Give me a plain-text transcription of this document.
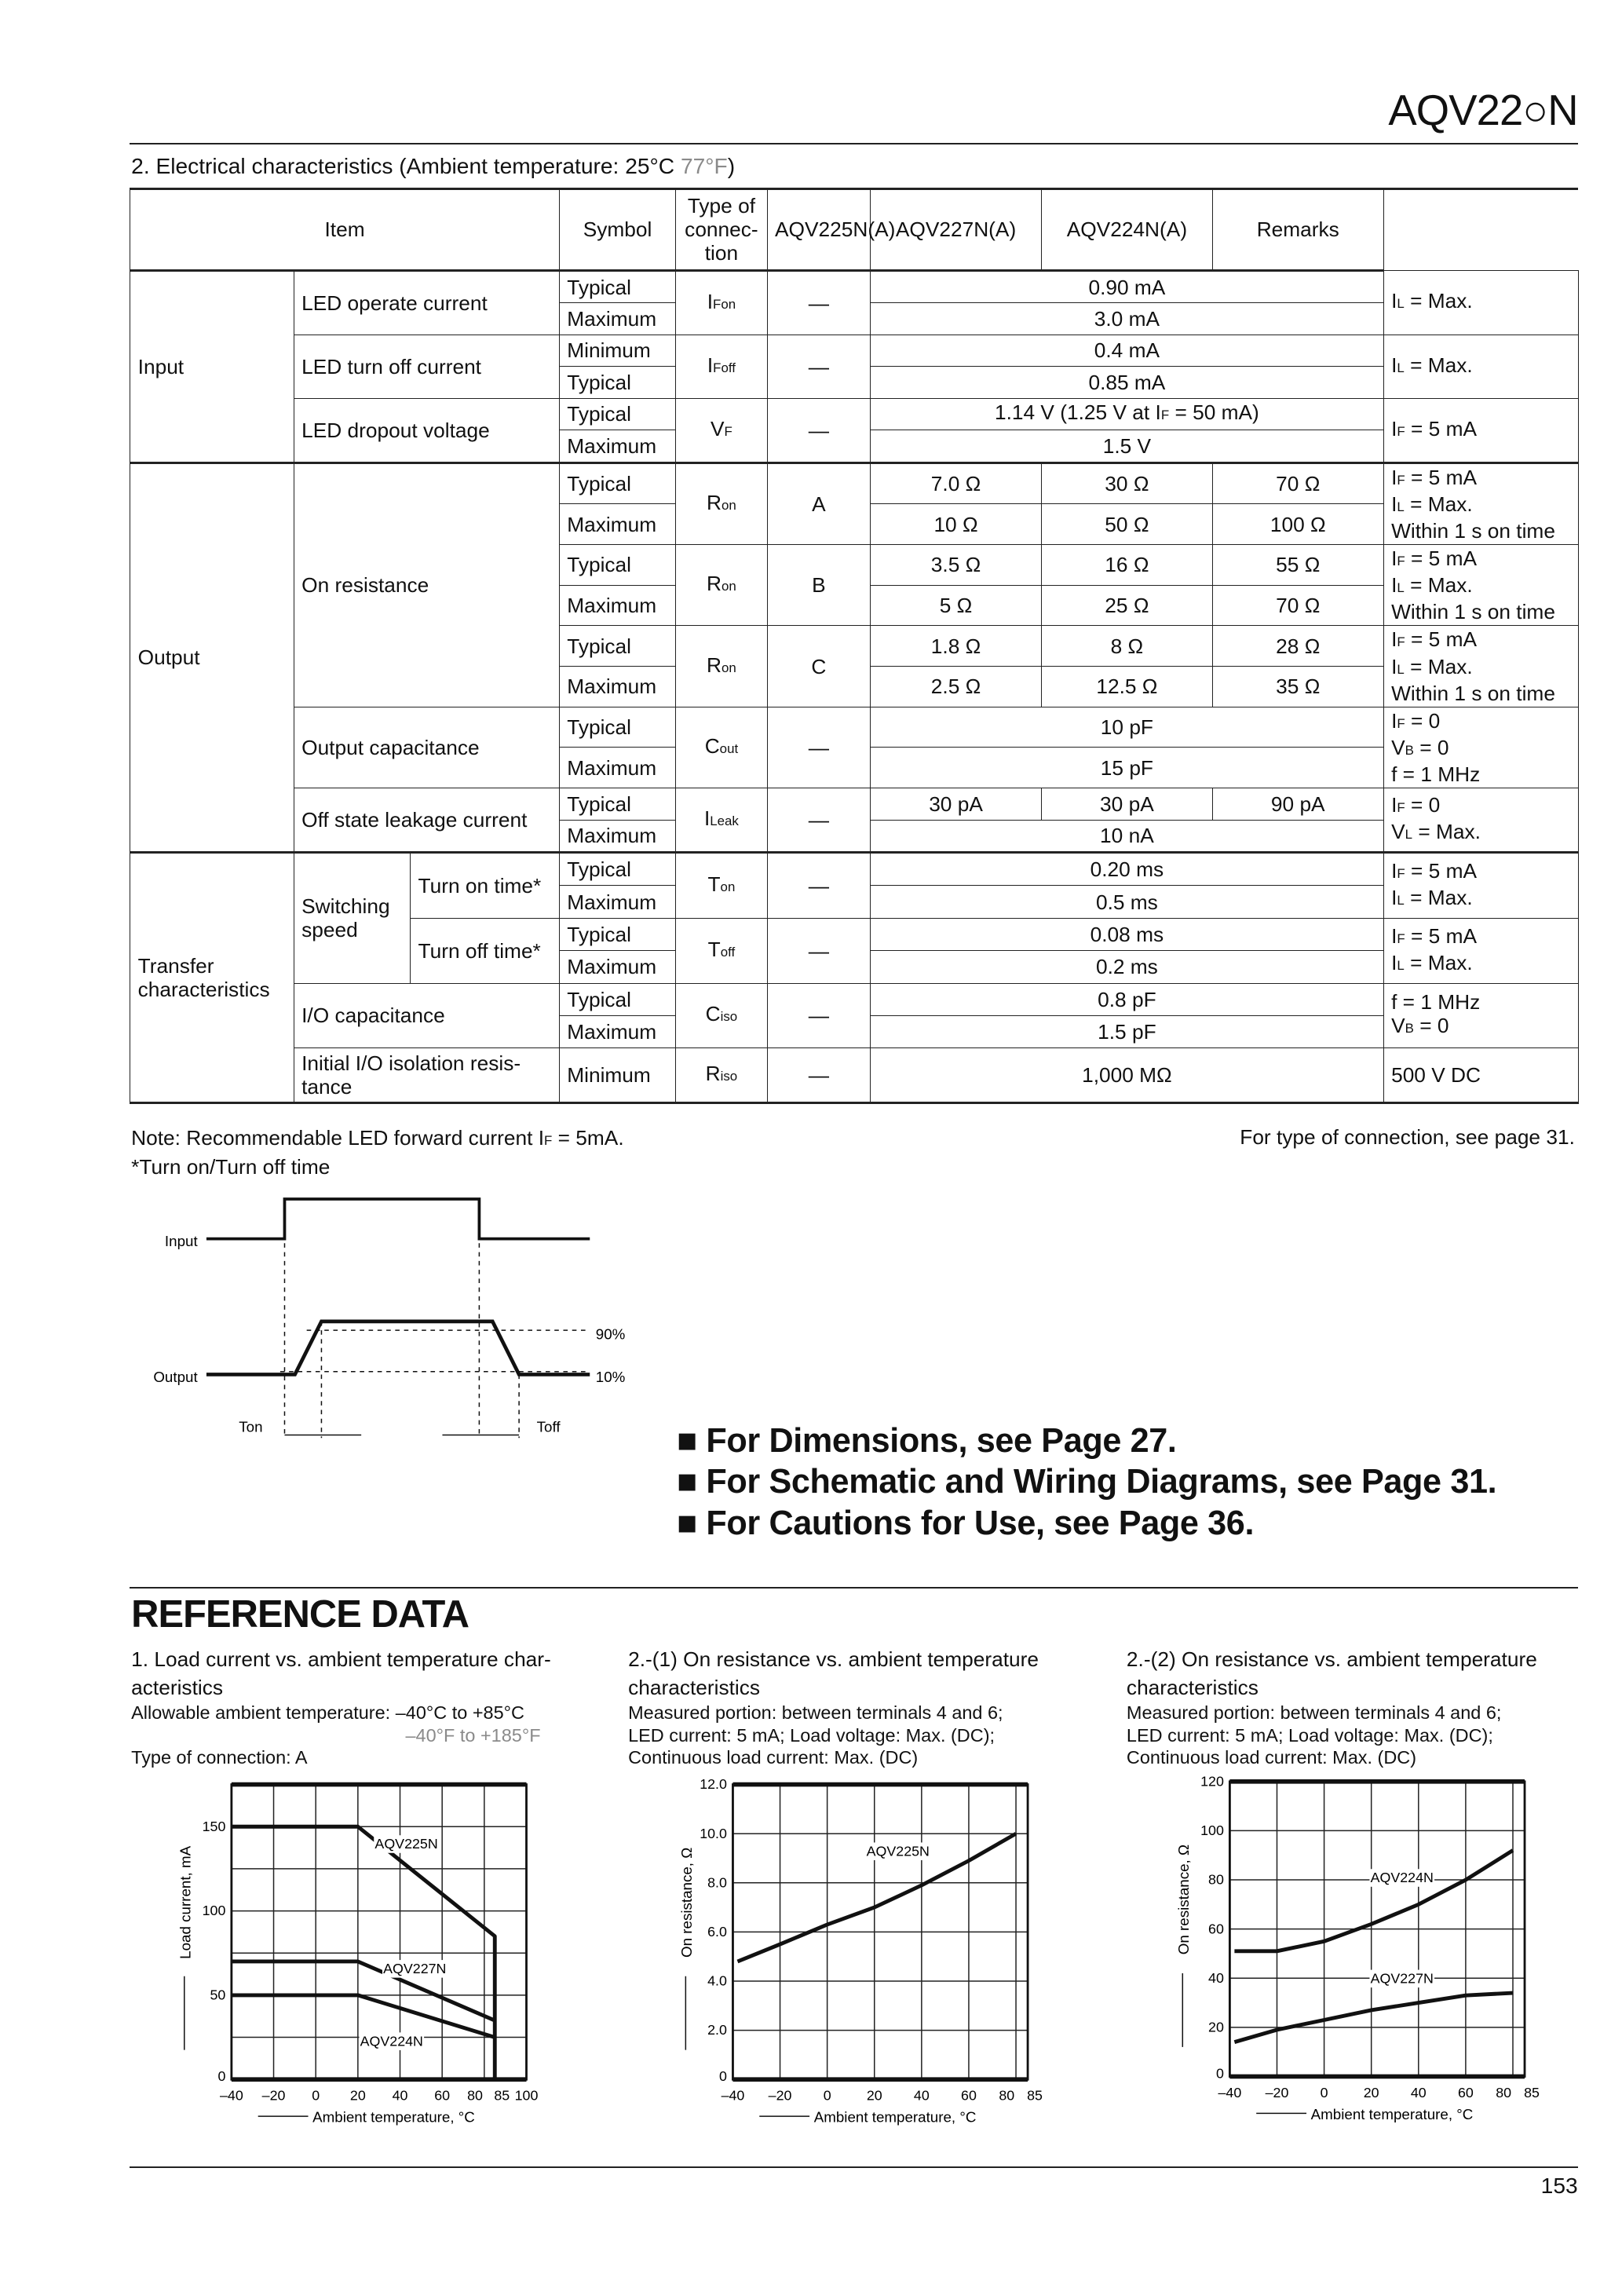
AQV22○N
2. Electrical characteristics (Ambient temperature: 25°C 77°F)
Item			Symbol	Type of connec- tion	AQV225N(A)	AQV227N(A)	AQV224N(A)	Remarks	
Input	LED operate current		Typical	IFon	—	0.90 mA			IL = Max.
			Maximum			3.0 mA			
	LED turn off current		Minimum	IFoff	—	0.4 mA			IL = Max.
			Typical			0.85 mA			
	LED dropout voltage		Typical	VF	—	1.14 V (1.25 V at IF = 50 mA)			IF = 5 mA
			Maximum			1.5 V			
Output	On resistance		Typical	Ron	A	7.0 Ω	30 Ω	70 Ω	IF = 5 mA
IL = Max.
Within 1 s on time
			Maximum			10 Ω	50 Ω	100 Ω	
			Typical	Ron	B	3.5 Ω	16 Ω	55 Ω	IF = 5 mA
IL = Max.
Within 1 s on time
			Maximum			5 Ω	25 Ω	70 Ω	
			Typical	Ron	C	1.8 Ω	8 Ω	28 Ω	IF = 5 mA
IL = Max.
Within 1 s on time
			Maximum			2.5 Ω	12.5 Ω	35 Ω	
	Output capacitance		Typical	Cout	—	10 pF			IF = 0
VB = 0
f = 1 MHz
			Maximum			15 pF			
	Off state leakage current		Typical	ILeak	—	30 pA	30 pA	90 pA	IF = 0
VL = Max.
			Maximum			10 nA			
Transfer characteristics	Switching speed	Turn on time*	Typical	Ton	—	0.20 ms			IF = 5 mA
IL = Max.
			Maximum			0.5 ms			
		Turn off time*	Typical	Toff	—	0.08 ms			IF = 5 mA
IL = Max.
			Maximum			0.2 ms			
	I/O capacitance		Typical	Ciso	—	0.8 pF			f = 1 MHz
VB = 0
			Maximum			1.5 pF			
	Initial I/O isolation resis- tance		Minimum	Riso	—	1,000 MΩ			500 V DC
Note: Recommendable LED forward current IF = 5mA.
*Turn on/Turn off time
For type of connection, see page 31.
■ For Dimensions, see Page 27.
■ For Schematic and Wiring Diagrams, see Page 31.
■ For Cautions for Use, see Page 36.
REFERENCE DATA
1. Load current vs. ambient temperature char- acteristics
Allowable ambient temperature: –40°C to +85°C
–40°F to +185°F
Type of connection: A
2.-(1) On resistance vs. ambient temperature characteristics
Measured portion: between terminals 4 and 6;
LED current: 5 mA; Load voltage: Max. (DC);
Continuous load current: Max. (DC)
2.-(2) On resistance vs. ambient temperature characteristics
Measured portion: between terminals 4 and 6;
LED current: 5 mA; Load voltage: Max. (DC);
Continuous load current: Max. (DC)
Input
Output
90%
10%
Ton	Toff
–40	–20	0	20	40	60 80 85 100
0
50
100
150
Ambient temperature, °C
Load current, mA
AQV225N
AQV227N
AQV224N
–40	–20	0	20	40	60	80 85
0
2.0
4.0
6.0
8.0
10.0
12.0
Ambient temperature, °C
On resistance, Ω	AQV225N
–40	–20	0	20	40	60	80 85
0
20
40
60
80
100
120
Ambient temperature, °C
On resistance, Ω	AQV224N
AQV227N
153
